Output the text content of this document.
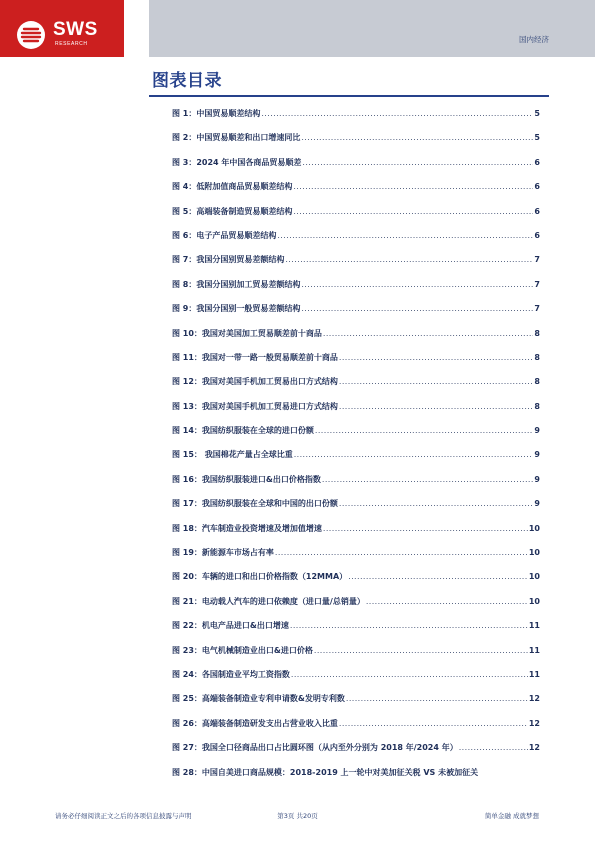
SWS
RESEARCH	国内经济
图表目录
图 1：中国贸易顺差结构 .....	5
图 2：中国贸易顺差和出口增速同比 .....	5
图 3：2024 年中国各商品贸易顺差 .....	6
图 4：低附加值商品贸易顺差结构 .....	6
图 5：高端装备制造贸易顺差结构 .....	6
图 6：电子产品贸易顺差结构 .....	6
图 7：我国分国别贸易差额结构 .....	7
图 8：我国分国别加工贸易差额结构 .....	7
图 9：我国分国别一般贸易差额结构 .....	7
图 10：我国对美国加工贸易顺差前十商品 .....	8
图 11：我国对一带一路一般贸易顺差前十商品 .....	8
图 12：我国对美国手机加工贸易出口方式结构 .....	8
图 13：我国对美国手机加工贸易进口方式结构 .....	8
图 14：我国纺织服装在全球的进口份额 .....	9
图 15： 我国棉花产量占全球比重 .....	9
图 16：我国纺织服装进口&出口价格指数 .....	9
图 17：我国纺织服装在全球和中国的出口份额 .....	9
图 18：汽车制造业投资增速及增加值增速 .....	10
图 19：新能源车市场占有率 .....	10
图 20：车辆的进口和出口价格指数（12MMA） .....	10
图 21：电动载人汽车的进口依赖度（进口量/总销量） .....	10
图 22：机电产品进口&出口增速 .....	11
图 23：电气机械制造业出口&进口价格 .....	11
图 24：各国制造业平均工资指数 .....	11
图 25：高端装备制造业专利申请数&发明专利数 .....	12
图 26：高端装备制造研发支出占营业收入比重 .....	12
图 27：我国全口径商品出口占比圆环图（从内至外分别为 2018 年/2024 年） .....	12
图 28：中国自美进口商品规模：2018-2019 上一轮中对美加征关税 VS 未被加征关
请务必仔细阅读正文之后的各项信息披露与声明	第3页 共20页	简单金融 成就梦想
